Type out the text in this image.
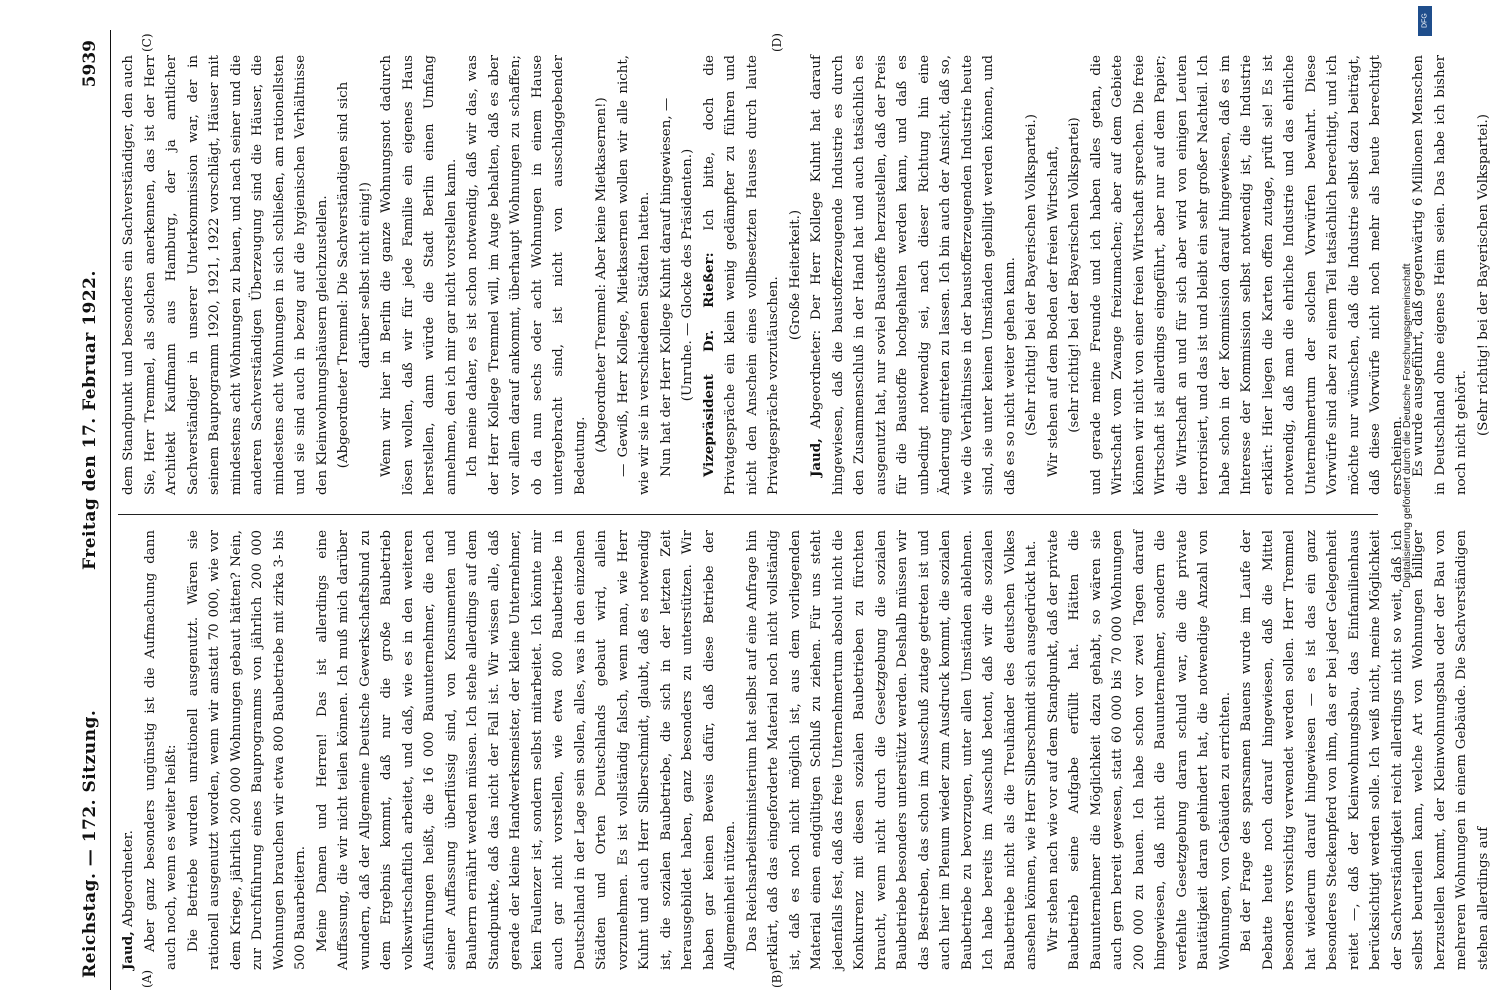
Reichstag. — 172. Sitzung.
Freitag den 17. Februar 1922.
5939
(A)	(B)
(C)	(D)

Jaud, Abgeordneter. Aber ganz besonders ungünstig ist die Aufmachung dann auch noch, wenn es weiter heißt: Die Betriebe wurden unrationell ausgenutzt. Wären sie rationell ausgenutzt worden, wenn wir anstatt 70 000, wie vor dem Kriege, jährlich 200 000 Wohnungen gebaut hätten? Nein, zur Durchführung eines Bauprogramms von jährlich 200 000 Wohnungen brauchen wir etwa 800 Baubetriebe mit zirka 3- bis 500 Bauarbeitern. Meine Damen und Herren! Das ist allerdings eine Auffassung, die wir nicht teilen können. Ich muß mich darüber wundern, daß der Allgemeine Deutsche Gewerkschaftsbund zu dem Ergebnis kommt, daß nur die große Baubetrieb volkswirtschaftlich arbeitet, und daß, wie es in den weiteren Ausführungen heißt, die 16 000 Bauunternehmer, die nach seiner Auffassung überflüssig sind, von Konsumenten und Bauherrn ernährt werden müssen. Ich stehe allerdings auf dem Standpunkte, daß das nicht der Fall ist. Wir wissen alle, daß gerade der kleine Handwerksmeister, der kleine Unternehmer, kein Faulenzer ist, sondern selbst mitarbeitet. Ich könnte mir auch gar nicht vorstellen, wie etwa 800 Baubetriebe in Deutschland in der Lage sein sollen, alles, was in den einzelnen Städten und Orten Deutschlands gebaut wird, allein vorzunehmen. Es ist vollständig falsch, wenn man, wie Herr Kuhnt und auch Herr Silberschmidt, glaubt, daß es notwendig ist, die sozialen Baubetriebe, die sich in der letzten Zeit herausgebildet haben, ganz besonders zu unterstützen. Wir haben gar keinen Beweis dafür, daß diese Betriebe der Allgemeinheit nützen. Das Reichsarbeitsministerium hat selbst auf eine Anfrage hin erklärt, daß das eingeforderte Material noch nicht vollständig ist, daß es noch nicht möglich ist, aus dem vorliegenden Material einen endgültigen Schluß zu ziehen. Für uns steht jedenfalls fest, daß das freie Unternehmertum absolut nicht die Konkurrenz mit diesen sozialen Baubetrieben zu fürchten braucht, wenn nicht durch die Gesetzgebung die sozialen Baubetriebe besonders unterstützt werden. Deshalb müssen wir das Bestreben, das schon im Ausschuß zutage getreten ist und auch hier im Plenum wieder zum Ausdruck kommt, die sozialen Baubetriebe zu bevorzugen, unter allen Umständen ablehnen. Ich habe bereits im Ausschuß betont, daß wir die sozialen Baubetriebe nicht als die Treuhänder des deutschen Volkes ansehen können, wie Herr Silberschmidt sich ausgedrückt hat. Wir stehen nach wie vor auf dem Standpunkt, daß der private Baubetrieb seine Aufgabe erfüllt hat. Hätten die Bauunternehmer die Möglichkeit dazu gehabt, so wären sie auch gern bereit gewesen, statt 60 000 bis 70 000 Wohnungen 200 000 zu bauen. Ich habe schon vor zwei Tagen darauf hingewiesen, daß nicht die Bauunternehmer, sondern die verfehlte Gesetzgebung daran schuld war, die die private Bautätigkeit daran gehindert hat, die notwendige Anzahl von Wohnungen, von Gebäuden zu errichten. Bei der Frage des sparsamen Bauens wurde im Laufe der Debatte heute noch darauf hingewiesen, daß die Mittel besonders vorsichtig verwendet werden sollen. Herr Tremmel hat wiederum darauf hingewiesen — es ist das ein ganz besonderes Steckenpferd von ihm, das er bei jeder Gelegenheit reitet —, daß der Kleinwohnungsbau, das Einfamilienhaus berücksichtigt werden solle. Ich weiß nicht, meine Möglichkeit der Sachverständigkeit reicht allerdings nicht so weit, daß ich selbst beurteilen kann, welche Art von Wohnungen billiger herzustellen kommt, der Kleinwohnungsbau oder der Bau von mehreren Wohnungen in einem Gebäude. Die Sachverständigen stehen allerdings auf

dem Standpunkt und besonders ein Sachverständiger, den auch Sie, Herr Tremmel, als solchen anerkennen, das ist der Herr Architekt Kaufmann aus Hamburg, der ja amtlicher Sachverständiger in unserer Unterkommission war, der in seinem Bauprogramm 1920, 1921, 1922 vorschlägt, Häuser mit mindestens acht Wohnungen zu bauen, und nach seiner und die anderen Sachverständigen Überzeugung sind die Häuser, die mindestens acht Wohnungen in sich schließen, am rationellsten und sie sind auch in bezug auf die hygienischen Verhältnisse den Kleinwohnungshäusern gleichzustellen. (Abgeordneter Tremmel: Die Sachverständigen sind sich darüber selbst nicht einig!) Wenn wir hier in Berlin die ganze Wohnungsnot dadurch lösen wollen, daß wir für jede Familie ein eigenes Haus herstellen, dann würde die Stadt Berlin einen Umfang annehmen, den ich mir gar nicht vorstellen kann. Ich meine daher, es ist schon notwendig, daß wir das, was der Herr Kollege Tremmel will, im Auge behalten, daß es aber vor allem darauf ankommt, überhaupt Wohnungen zu schaffen; ob da nun sechs oder acht Wohnungen in einem Hause untergebracht sind, ist nicht von ausschlaggebender Bedeutung.

(Abgeordneter Tremmel: Aber keine Mietkasernen!) — Gewiß, Herr Kollege, Mietkasernen wollen wir alle nicht, wie wir sie in verschiedenen Städten hatten. Nun hat der Herr Kollege Kuhnt darauf hingewiesen, — (Unruhe. — Glocke des Präsidenten.) Vizepräsident Dr. Rießer: Ich bitte, doch die Privatgespräche ein klein wenig gedämpfter zu führen und nicht den Anschein eines vollbesetzten Hauses durch laute Privatgespräche vorzutäuschen.

(Große Heiterkeit.)

Jaud, Abgeordneter: Der Herr Kollege Kuhnt hat darauf hingewiesen, daß die baustofferzeugende Industrie es durch den Zusammenschluß in der Hand hat und auch tatsächlich es ausgenutzt hat, nur soviel Baustoffe herzustellen, daß der Preis für die Baustoffe hochgehalten werden kann, und daß es unbedingt notwendig sei, nach dieser Richtung hin eine Änderung eintreten zu lassen. Ich bin auch der Ansicht, daß so, wie die Verhältnisse in der baustofferzeugenden Industrie heute sind, sie unter keinen Umständen gebilligt werden können, und daß es so nicht weiter gehen kann. (Sehr richtig! bei der Bayerischen Volkspartei.) Wir stehen auf dem Boden der freien Wirtschaft, (sehr richtig! bei der Bayerischen Volkspartei) und gerade meine Freunde und ich haben alles getan, die Wirtschaft vom Zwange freizumachen; aber auf dem Gebiete können wir nicht von einer freien Wirtschaft sprechen. Die freie Wirtschaft ist allerdings eingeführt, aber nur auf dem Papier; die Wirtschaft an und für sich aber wird von einigen Leuten terrorisiert, und das ist und bleibt ein sehr großer Nachteil. Ich habe schon in der Kommission darauf hingewiesen, daß es im Interesse der Kommission selbst notwendig ist, die Industrie erklärt: Hier liegen die Karten offen zutage, prüft sie! Es ist notwendig, daß man die ehrliche Industrie und das ehrliche Unternehmertum der solchen Vorwürfen bewahrt. Diese Vorwürfe sind aber zu einem Teil tatsächlich berechtigt, und ich möchte nur wünschen, daß die Industrie selbst dazu beiträgt, daß diese Vorwürfe nicht noch mehr als heute berechtigt erscheinen. Es wurde ausgeführt, daß gegenwärtig 6 Millionen Menschen in Deutschland ohne eigenes Heim seien. Das habe ich bisher noch nicht gehört. (Sehr richtig! bei der Bayerischen Volkspartei.)

Digitalisierung gefördert durch die Deutsche Forschungsgemeinschaft
DFG
